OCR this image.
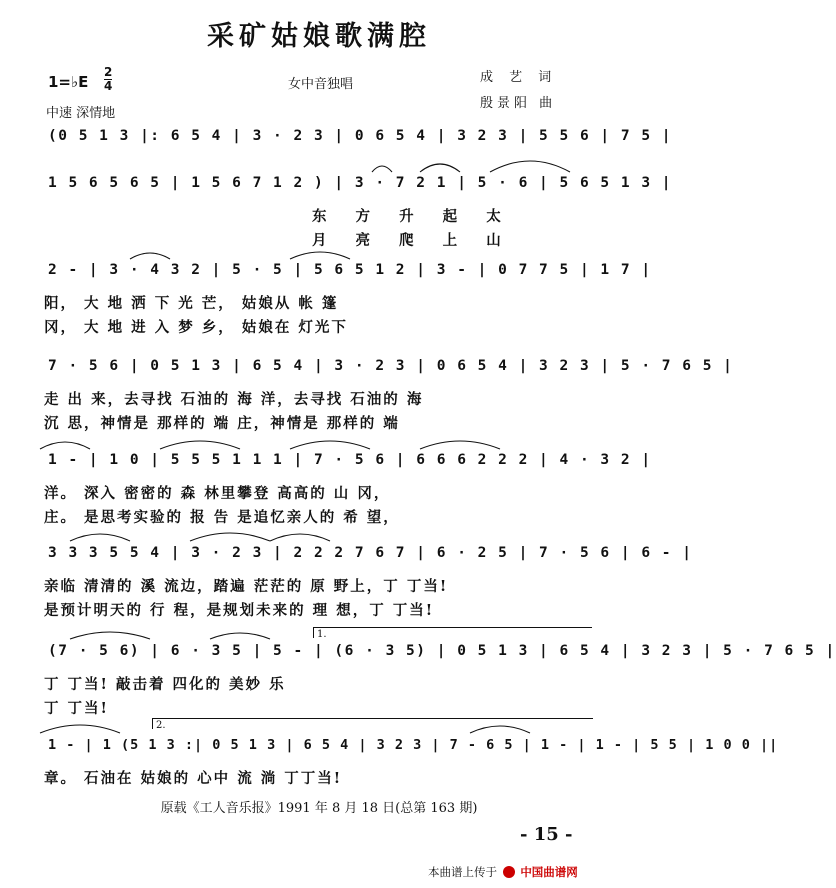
采矿姑娘歌满腔
1=♭E $\frac{2}{4}$	女中音独唱	成 艺 词
殷景阳 曲
中速 深情地
(0 5 1 3 |: 6 5 4 | 3 · 2 3 | 0 6 5 4 | 3 2 3 | 5 5 6 | 7 5 |
1 5 6 5 6 5 | 1 5 6 7 1 2 ) | 3 · 7 2 1 | 5 · 6 | 5 6 5 1 3 |
东 方 升 起 太
月 亮 爬 上 山
2 - | 3 · 4 3 2 | 5 · 5 | 5 6 5 1 2 | 3 - | 0 7 7 5 | 1 7 |
阳， 大 地 洒 下 光 芒， 姑娘从 帐 篷
冈， 大 地 进 入 梦 乡， 姑娘在 灯光下
7 · 5 6 | 0 5 1 3 | 6 5 4 | 3 · 2 3 | 0 6 5 4 | 3 2 3 | 5 · 7 6 5 |
走 出 来，去寻找 石油的 海 洋，去寻找 石油的 海
沉 思，神情是 那样的 端 庄，神情是 那样的 端
1 - | 1 0 | 5 5 5 1 1 1 | 7 · 5 6 | 6 6 6 2 2 2 | 4 · 3 2 |
洋。 深入 密密的 森 林里攀登 高高的 山 冈，
庄。 是思考实验的 报 告 是追忆亲人的 希 望，
3 3 3 5 5 4 | 3 · 2 3 | 2 2 2 7 6 7 | 6 · 2 5 | 7 · 5 6 | 6 - |
亲临 清清的 溪 流边，踏遍 茫茫的 原 野上，丁 丁当!
是预计明天的 行 程，是规划未来的 理 想，丁 丁当!
1.
(7 · 5 6) | 6 · 3 5 | 5 - | (6 · 3 5) | 0 5 1 3 | 6 5 4 | 3 2 3 | 5 · 7 6 5 |
丁 丁当! 敲击着 四化的 美妙 乐
丁 丁当!
2.
1 - | 1 (5 1 3 :| 0 5 1 3 | 6 5 4 | 3 2 3 | 7 - 6 5 | 1 - | 1 - | 5 5 | 1 0 0 ||
章。 石油在 姑娘的 心中 流 淌 丁丁当!
原载《工人音乐报》1991 年 8 月 18 日(总第 163 期)
- 15 -
本曲谱上传于 中国曲谱网
